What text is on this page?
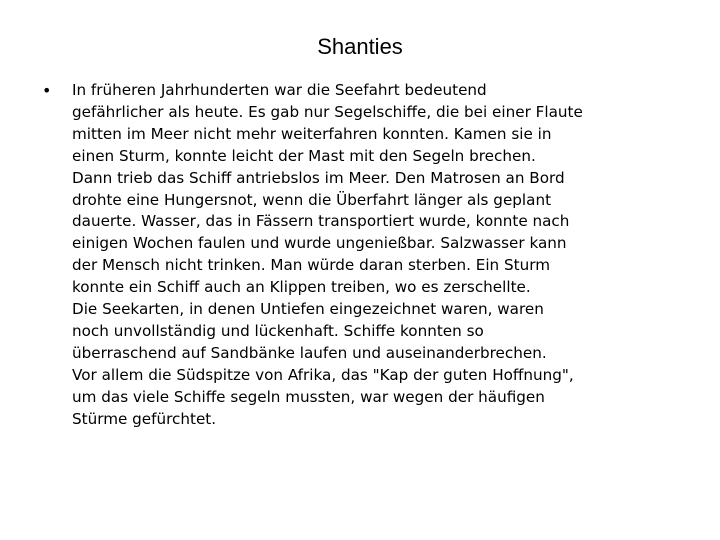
Shanties
• In früheren Jahrhunderten war die Seefahrt bedeutend
gefährlicher als heute. Es gab nur Segelschiffe, die bei einer Flaute
mitten im Meer nicht mehr weiterfahren konnten. Kamen sie in
einen Sturm, konnte leicht der Mast mit den Segeln brechen.
Dann trieb das Schiff antriebslos im Meer. Den Matrosen an Bord
drohte eine Hungersnot, wenn die Überfahrt länger als geplant
dauerte. Wasser, das in Fässern transportiert wurde, konnte nach
einigen Wochen faulen und wurde ungenießbar. Salzwasser kann
der Mensch nicht trinken. Man würde daran sterben. Ein Sturm
konnte ein Schiff auch an Klippen treiben, wo es zerschellte.
Die Seekarten, in denen Untiefen eingezeichnet waren, waren
noch unvollständig und lückenhaft. Schiffe konnten so
überraschend auf Sandbänke laufen und auseinanderbrechen.
Vor allem die Südspitze von Afrika, das "Kap der guten Hoffnung",
um das viele Schiffe segeln mussten, war wegen der häufigen
Stürme gefürchtet.
